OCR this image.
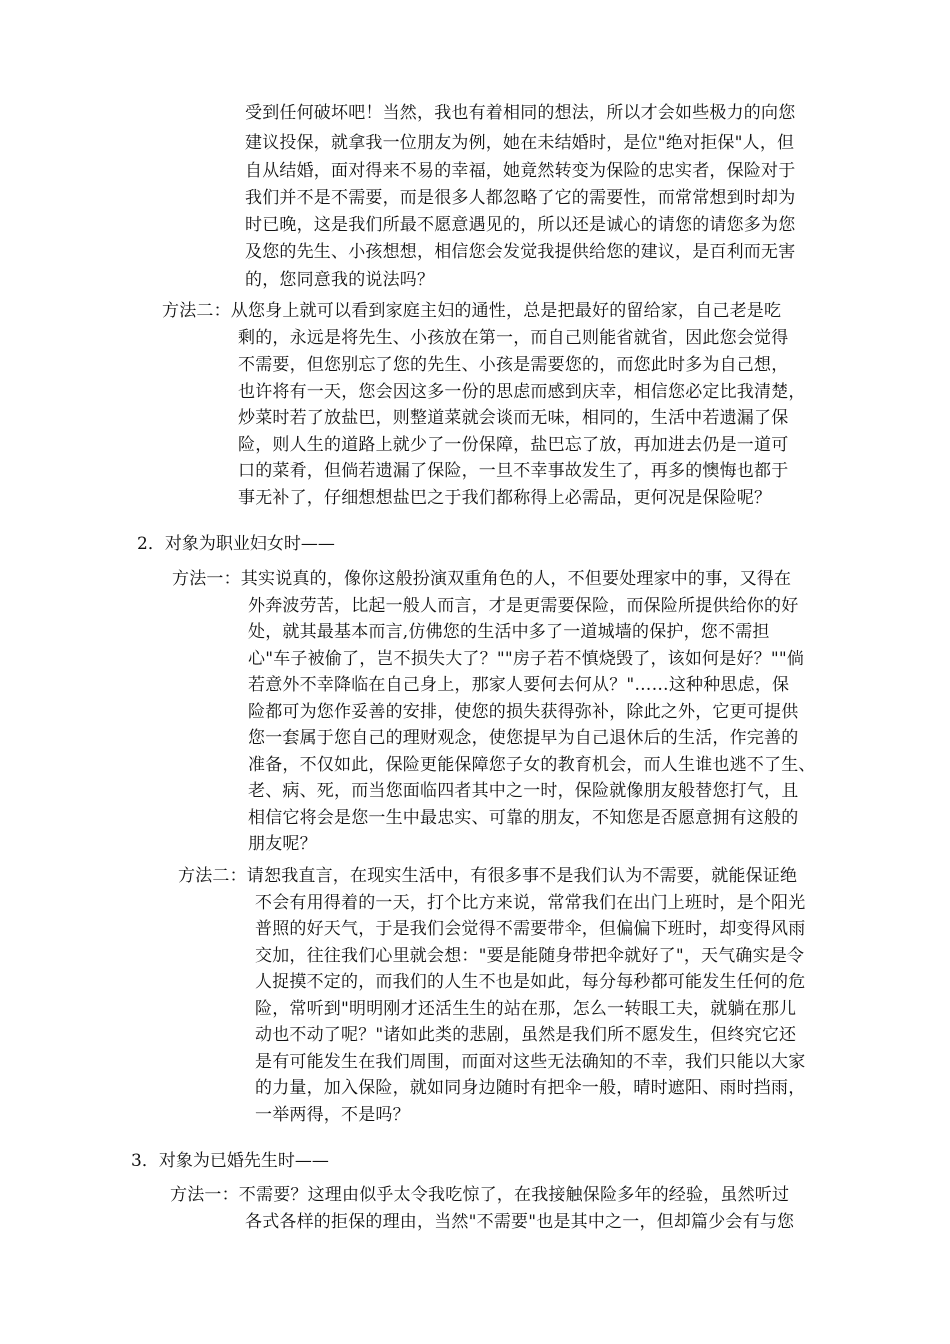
受到任何破坏吧！当然，我也有着相同的想法，所以才会如些极力的向您
建议投保，就拿我一位朋友为例，她在未结婚时，是位"绝对拒保"人，但
自从结婚，面对得来不易的幸福，她竟然转变为保险的忠实者，保险对于
我们并不是不需要，而是很多人都忽略了它的需要性，而常常想到时却为
时已晚，这是我们所最不愿意遇见的，所以还是诚心的请您的请您多为您
及您的先生、小孩想想，相信您会发觉我提供给您的建议，是百利而无害
的，您同意我的说法吗？
方法二：从您身上就可以看到家庭主妇的通性，总是把最好的留给家，自己老是吃
剩的，永远是将先生、小孩放在第一，而自己则能省就省，因此您会觉得
不需要，但您别忘了您的先生、小孩是需要您的，而您此时多为自己想，
也许将有一天，您会因这多一份的思虑而感到庆幸，相信您必定比我清楚，
炒菜时若了放盐巴，则整道菜就会谈而无味，相同的，生活中若遗漏了保
险，则人生的道路上就少了一份保障，盐巴忘了放，再加进去仍是一道可
口的菜肴，但倘若遗漏了保险，一旦不幸事故发生了，再多的懊悔也都于
事无补了，仔细想想盐巴之于我们都称得上必需品，更何况是保险呢？
2．对象为职业妇女时——
方法一：其实说真的，像你这般扮演双重角色的人，不但要处理家中的事，又得在
外奔波劳苦，比起一般人而言，才是更需要保险，而保险所提供给你的好
处，就其最基本而言,仿佛您的生活中多了一道城墙的保护，您不需担
心"车子被偷了，岂不损失大了？""房子若不慎烧毁了，该如何是好？""倘
若意外不幸降临在自己身上，那家人要何去何从？"……这种种思虑，保
险都可为您作妥善的安排，使您的损失获得弥补，除此之外，它更可提供
您一套属于您自己的理财观念，使您提早为自己退休后的生活，作完善的
准备，不仅如此，保险更能保障您子女的教育机会，而人生谁也逃不了生、
老、病、死，而当您面临四者其中之一时，保险就像朋友般替您打气，且
相信它将会是您一生中最忠实、可靠的朋友，不知您是否愿意拥有这般的
朋友呢？
方法二：请恕我直言，在现实生活中，有很多事不是我们认为不需要，就能保证绝
不会有用得着的一天，打个比方来说，常常我们在出门上班时，是个阳光
普照的好天气，于是我们会觉得不需要带伞，但偏偏下班时，却变得风雨
交加，往往我们心里就会想："要是能随身带把伞就好了"，天气确实是令
人捉摸不定的，而我们的人生不也是如此，每分每秒都可能发生任何的危
险，常听到"明明刚才还活生生的站在那，怎么一转眼工夫，就躺在那儿
动也不动了呢？"诸如此类的悲剧，虽然是我们所不愿发生，但终究它还
是有可能发生在我们周围，而面对这些无法确知的不幸，我们只能以大家
的力量，加入保险，就如同身边随时有把伞一般，晴时遮阳、雨时挡雨，
一举两得，不是吗？
3．对象为已婚先生时——
方法一：不需要？这理由似乎太令我吃惊了，在我接触保险多年的经验，虽然听过
各式各样的拒保的理由，当然"不需要"也是其中之一，但却篇少会有与您
